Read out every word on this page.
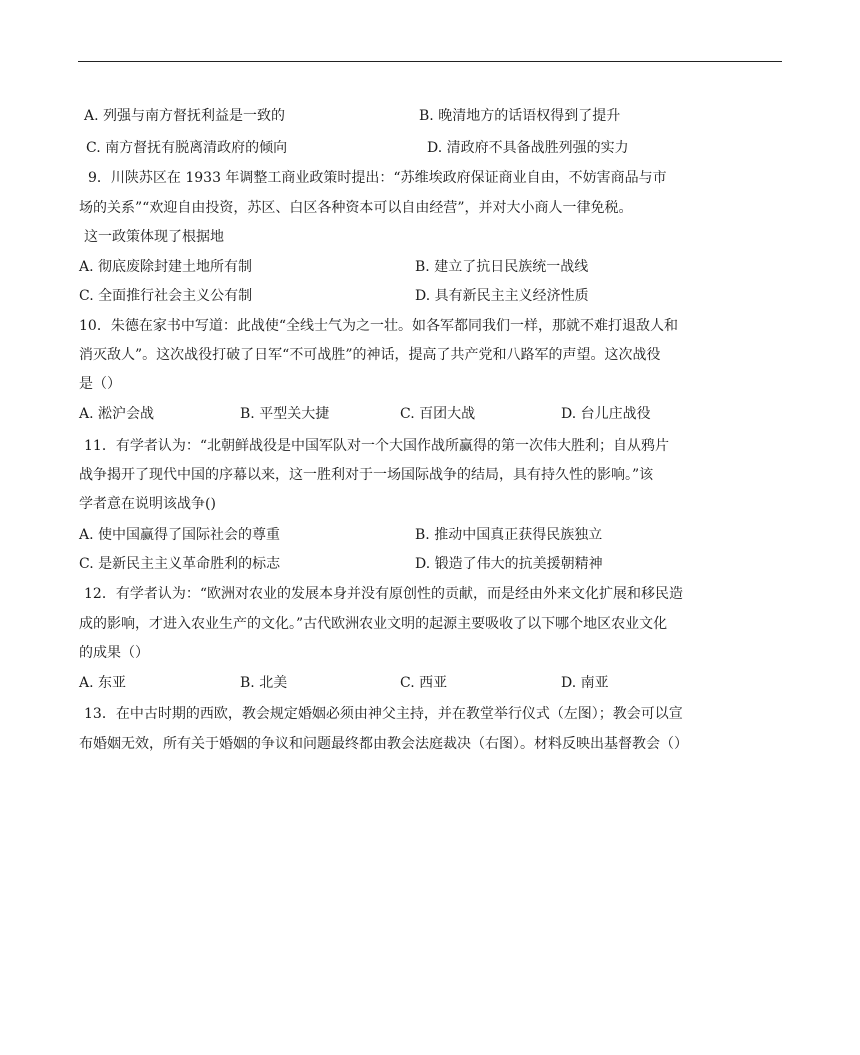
A. 列强与南方督抚利益是一致的	B. 晚清地方的话语权得到了提升
C. 南方督抚有脱离清政府的倾向	D. 清政府不具备战胜列强的实力
9．川陕苏区在 1933 年调整工商业政策时提出：“苏维埃政府保证商业自由，不妨害商品与市
场的关系”“欢迎自由投资，苏区、白区各种资本可以自由经营”，并对大小商人一律免税。
这一政策体现了根据地
A. 彻底废除封建土地所有制	B. 建立了抗日民族统一战线
C. 全面推行社会主义公有制	D. 具有新民主主义经济性质
10．朱德在家书中写道：此战使“全线士气为之一壮。如各军都同我们一样，那就不难打退敌人和
消灭敌人”。这次战役打破了日军“不可战胜”的神话，提高了共产党和八路军的声望。这次战役
是（）
A. 淞沪会战	B. 平型关大捷	C. 百团大战	D. 台儿庄战役
11．有学者认为：“北朝鲜战役是中国军队对一个大国作战所赢得的第一次伟大胜利；自从鸦片
战争揭开了现代中国的序幕以来，这一胜利对于一场国际战争的结局，具有持久性的影响。”该
学者意在说明该战争()
A. 使中国赢得了国际社会的尊重	B. 推动中国真正获得民族独立
C. 是新民主主义革命胜利的标志	D. 锻造了伟大的抗美援朝精神
12．有学者认为：“欧洲对农业的发展本身并没有原创性的贡献，而是经由外来文化扩展和移民造
成的影响，才进入农业生产的文化。”古代欧洲农业文明的起源主要吸收了以下哪个地区农业文化
的成果（）
A. 东亚	B. 北美	C. 西亚	D. 南亚
13．在中古时期的西欧，教会规定婚姻必须由神父主持，并在教堂举行仪式（左图）；教会可以宣
布婚姻无效，所有关于婚姻的争议和问题最终都由教会法庭裁决（右图）。材料反映出基督教会（）
